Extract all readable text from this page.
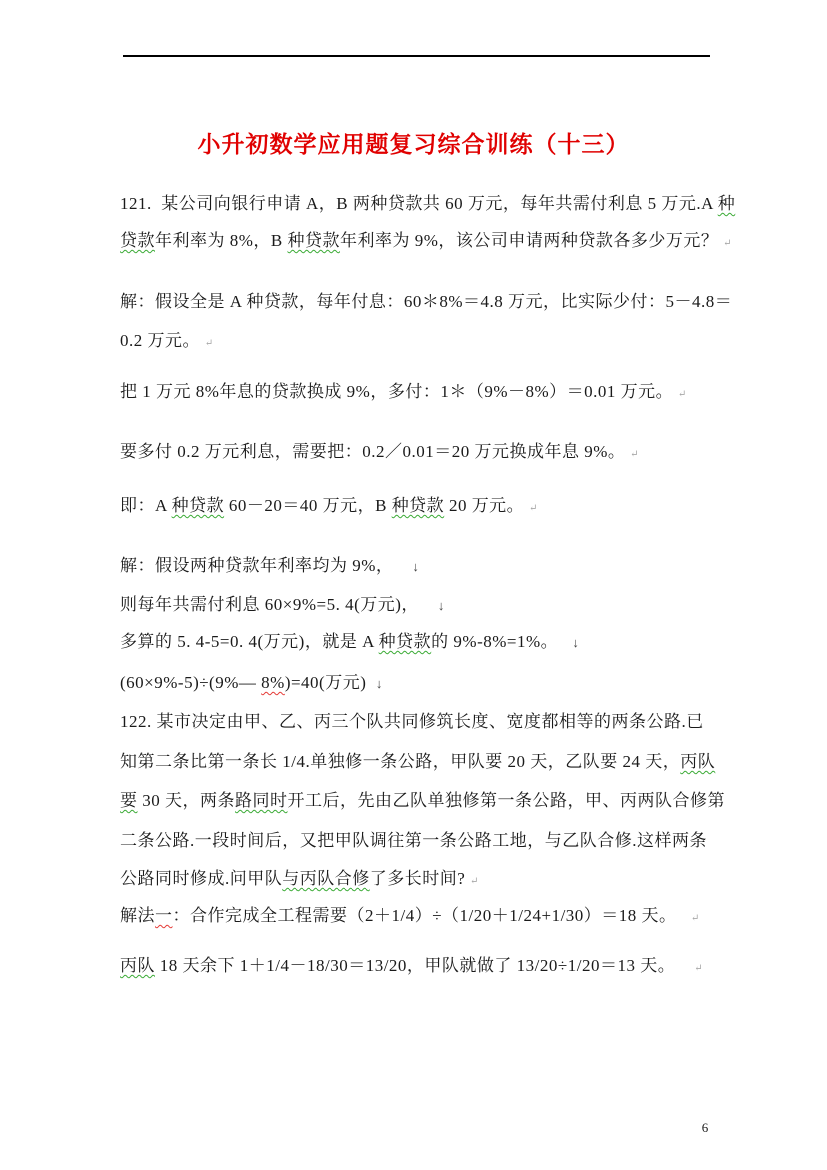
小升初数学应用题复习综合训练（十三）
121.  某公司向银行申请 A，B 两种贷款共 60 万元，每年共需付利息 5 万元.A 种
贷款年利率为 8%，B 种贷款年利率为 9%，该公司申请两种贷款各多少万元？ ↵
解：假设全是 A 种贷款，每年付息：60＊8%＝4.8 万元，比实际少付：5－4.8＝
0.2 万元。 ↵
把 1 万元 8%年息的贷款换成 9%，多付：1＊（9%－8%）＝0.01 万元。 ↵
要多付 0.2 万元利息，需要把：0.2／0.01＝20 万元换成年息 9%。 ↵
即：A 种贷款 60－20＝40 万元，B 种贷款 20 万元。 ↵
解：假设两种贷款年利率均为 9%，    ↓
则每年共需付利息 60×9%=5. 4(万元)，    ↓
多算的 5. 4-5=0. 4(万元)，就是 A 种贷款的 9%-8%=1%。   ↓
(60×9%-5)÷(9%— 8%)=40(万元)  ↓
122. 某市决定由甲、乙、丙三个队共同修筑长度、宽度都相等的两条公路.已
知第二条比第一条长 1/4.单独修一条公路，甲队要 20 天，乙队要 24 天，丙队
要 30 天，两条路同时开工后，先由乙队单独修第一条公路，甲、丙两队合修第
二条公路.一段时间后，又把甲队调往第一条公路工地，与乙队合修.这样两条
公路同时修成.问甲队与丙队合修了多长时间? ↵
解法一：合作完成全工程需要（2＋1/4）÷（1/20＋1/24+1/30）＝18 天。   ↵
丙队 18 天余下 1＋1/4－18/30＝13/20，甲队就做了 13/20÷1/20＝13 天。    ↵
6
